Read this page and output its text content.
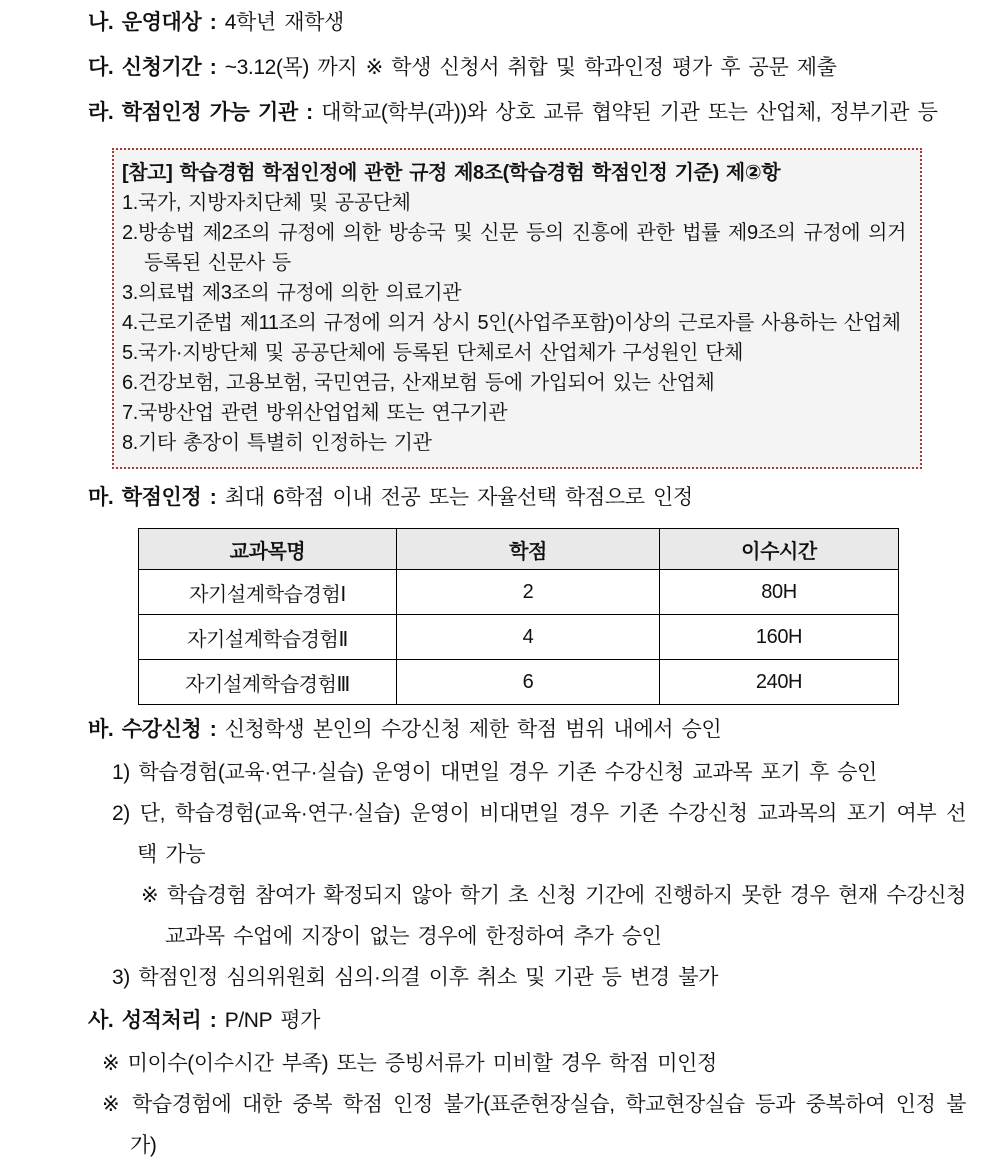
나. 운영대상 : 4학년 재학생
다. 신청기간 : ~3.12(목) 까지 ※ 학생 신청서 취합 및 학과인정 평가 후 공문 제출
라. 학점인정 가능 기관 : 대학교(학부(과))와 상호 교류 협약된 기관 또는 산업체, 정부기관 등
[참고] 학습경험 학점인정에 관한 규정 제8조(학습경험 학점인정 기준) 제②항
1.국가, 지방자치단체 및 공공단체
2.방송법 제2조의 규정에 의한 방송국 및 신문 등의 진흥에 관한 법률 제9조의 규정에 의거 등록된 신문사 등
3.의료법 제3조의 규정에 의한 의료기관
4.근로기준법 제11조의 규정에 의거 상시 5인(사업주포함)이상의 근로자를 사용하는 산업체
5.국가·지방단체 및 공공단체에 등록된 단체로서 산업체가 구성원인 단체
6.건강보험, 고용보험, 국민연금, 산재보험 등에 가입되어 있는 산업체
7.국방산업 관련 방위산업업체 또는 연구기관
8.기타 총장이 특별히 인정하는 기관
마. 학점인정 : 최대 6학점 이내 전공 또는 자율선택 학점으로 인정
교과목명	학점	이수시간
자기설계학습경험Ⅰ	2	80H
자기설계학습경험Ⅱ	4	160H
자기설계학습경험Ⅲ	6	240H
바. 수강신청 : 신청학생 본인의 수강신청 제한 학점 범위 내에서 승인
1) 학습경험(교육·연구·실습) 운영이 대면일 경우 기존 수강신청 교과목 포기 후 승인
2) 단, 학습경험(교육·연구·실습) 운영이 비대면일 경우 기존 수강신청 교과목의 포기 여부 선택 가능
※ 학습경험 참여가 확정되지 않아 학기 초 신청 기간에 진행하지 못한 경우 현재 수강신청 교과목 수업에 지장이 없는 경우에 한정하여 추가 승인
3) 학점인정 심의위원회 심의·의결 이후 취소 및 기관 등 변경 불가
사. 성적처리 : P/NP 평가
※ 미이수(이수시간 부족) 또는 증빙서류가 미비할 경우 학점 미인정
※ 학습경험에 대한 중복 학점 인정 불가(표준현장실습, 학교현장실습 등과 중복하여 인정 불가)
